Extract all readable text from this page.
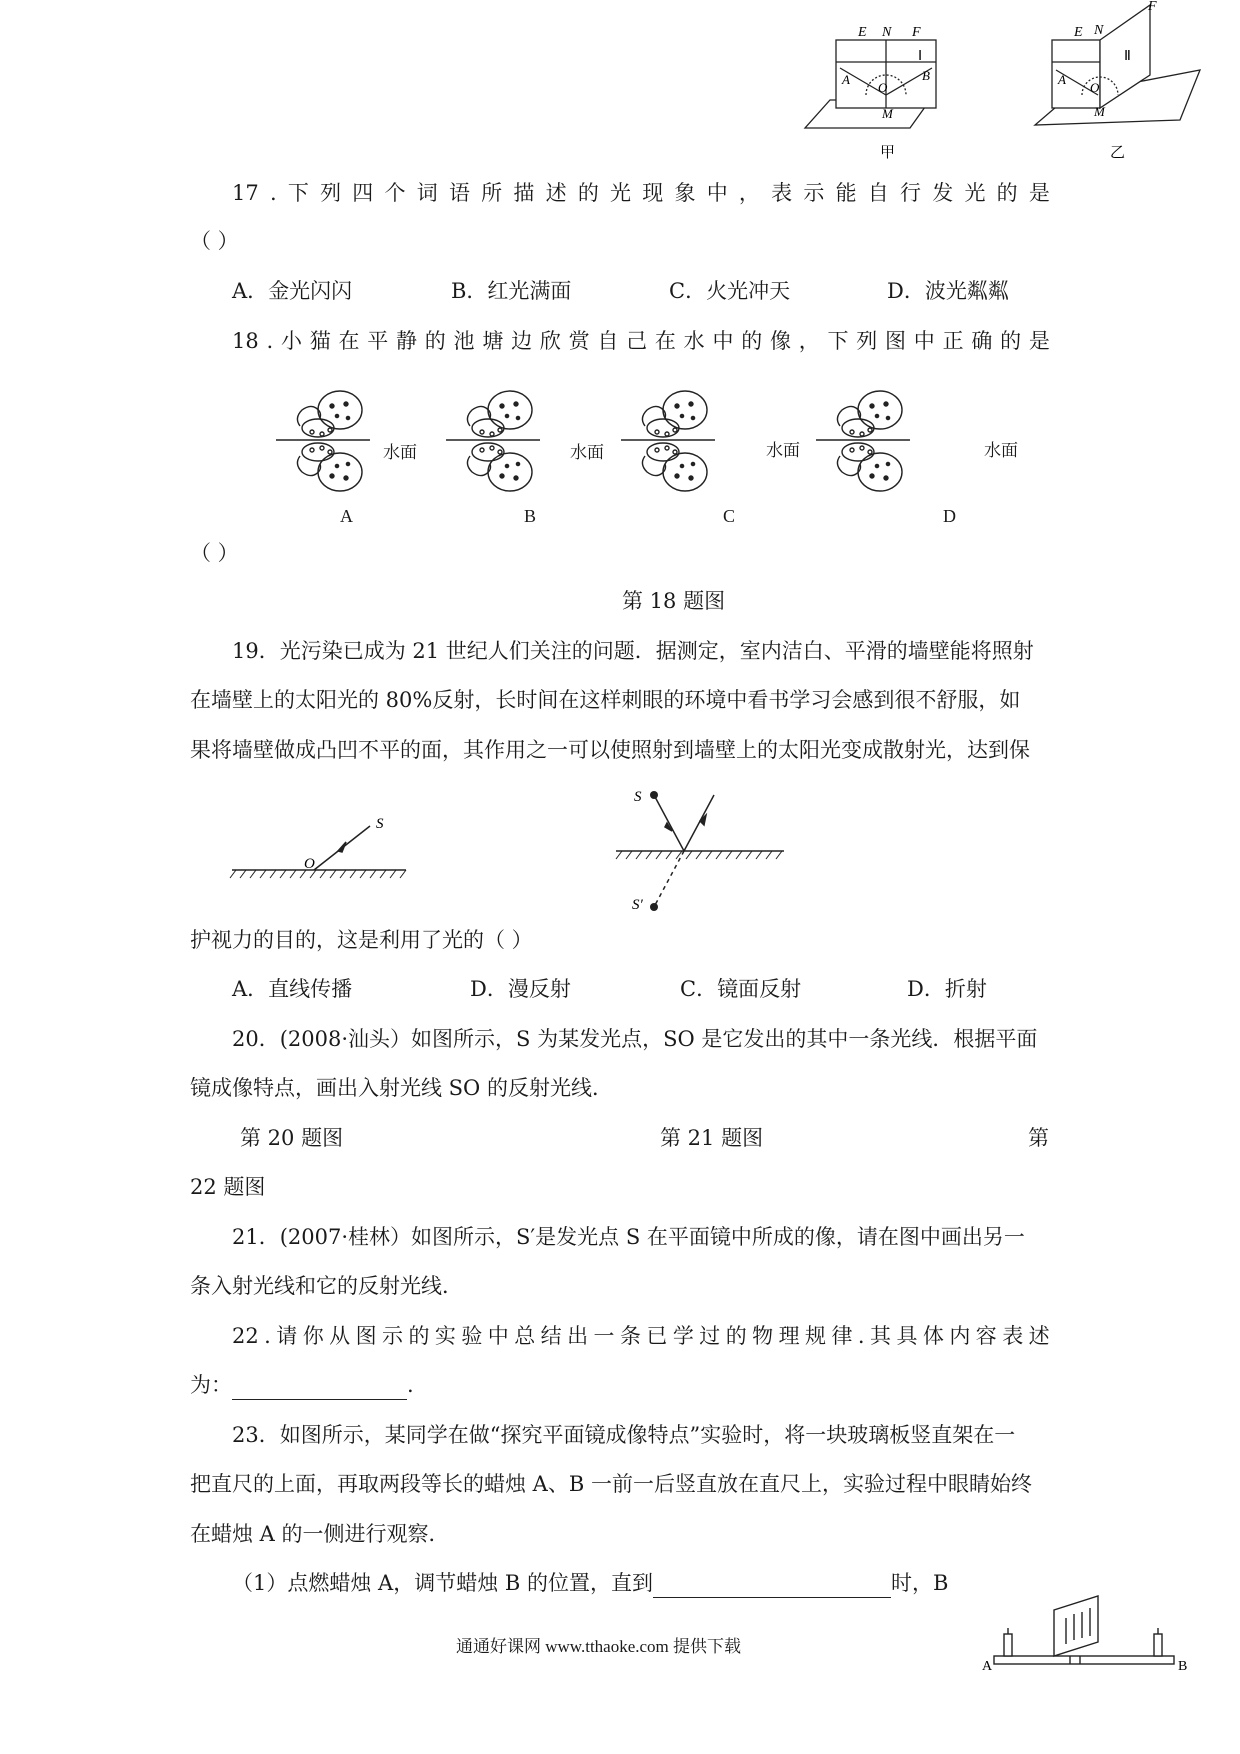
E N F
Ⅰ
A
O
B
M
甲
E N
F
Ⅱ
A
O
M
乙
17 . 下 列 四 个 词 语 所 描 述 的 光 现 象 中 ， 表 示 能 自 行 发 光 的 是
（ ）
A．金光闪闪	B．红光满面	C．火光冲天	D．波光粼粼
18 . 小 猫 在 平 静 的 池 塘 边 欣 赏 自 己 在 水 中 的 像 ， 下 列 图 中 正 确 的 是
水面	水面	水面	水面
A	B	C	D
（ ）
第 18 题图
19．光污染已成为 21 世纪人们关注的问题．据测定，室内洁白、平滑的墙壁能将照射
在墙壁上的太阳光的 80%反射，长时间在这样刺眼的环境中看书学习会感到很不舒服，如
果将墙壁做成凸凹不平的面，其作用之一可以使照射到墙壁上的太阳光变成散射光，达到保
S
O
S
S′
护视力的目的，这是利用了光的（ ）
A．直线传播	D．漫反射	C．镜面反射	D．折射
20．(2008·汕头）如图所示，S 为某发光点，SO 是它发出的其中一条光线．根据平面
镜成像特点，画出入射光线 SO 的反射光线．
第 20 题图	第 21 题图	第
22 题图
21．(2007·桂林）如图所示，S′是发光点 S 在平面镜中所成的像，请在图中画出另一
条入射光线和它的反射光线．
22 . 请 你 从 图 示 的 实 验 中 总 结 出 一 条 已 学 过 的 物 理 规 律 . 其 具 体 内 容 表 述
为：	.
23．如图所示，某同学在做“探究平面镜成像特点”实验时，将一块玻璃板竖直架在一
把直尺的上面，再取两段等长的蜡烛 A、B 一前一后竖直放在直尺上，实验过程中眼睛始终
在蜡烛 A 的一侧进行观察．
（1）点燃蜡烛 A，调节蜡烛 B 的位置，直到	时，B
通通好课网 www.tthaoke.com 提供下载
A	B
